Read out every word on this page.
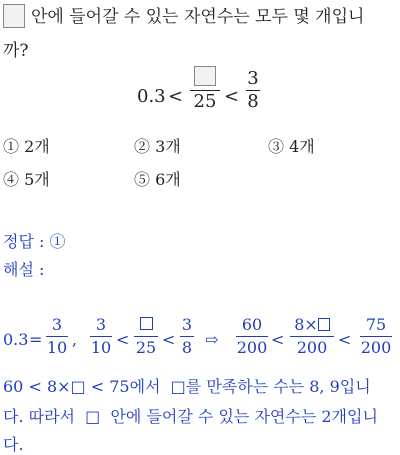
안에 들어갈 수 있는 자연수는 모두 몇 개입니
까?
0.3 < 25 <
3
8
① 2개	② 3개	③ 4개
④ 5개	⑤ 6개
정답 : ①
해설 :
0.3 =
3
10 ,
3
10 < 25 <
3
8 ⇨
60
200 <
8×
200 <
75
200
60 < 8×□ < 75에서  □를 만족하는 수는 8, 9입니
다. 따라서  □  안에 들어갈 수 있는 자연수는 2개입니
다.
